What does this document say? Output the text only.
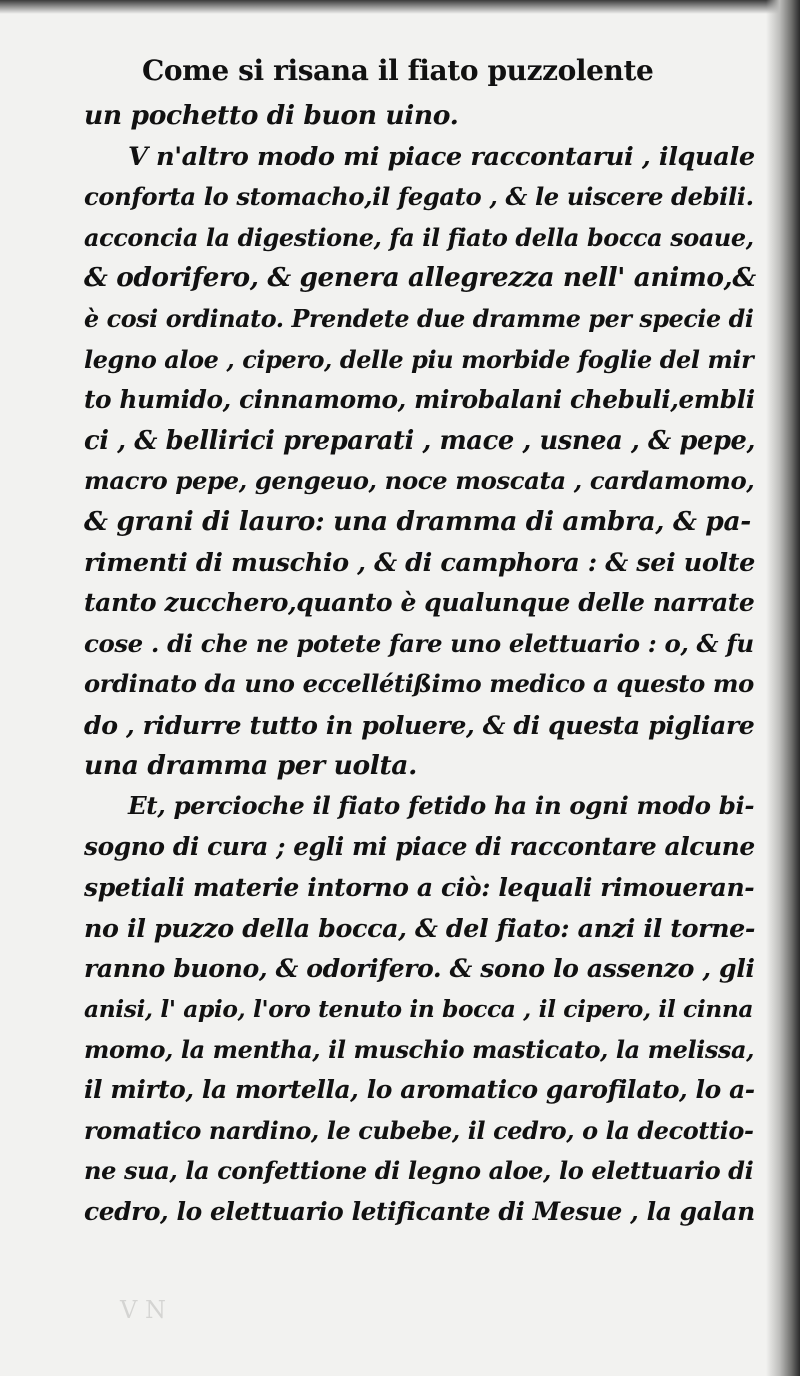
Come si risana il fiato puzzolente
un pochetto di buon uino.
V n'altro modo mi piace raccontarui , ilquale
conforta lo stomacho,il fegato , & le uiscere debili.
acconcia la digestione, fa il fiato della bocca soaue,
& odorifero, & genera allegrezza nell' animo,&
è cosi ordinato. Prendete due dramme per specie di
legno aloe , cipero, delle piu morbide foglie del mir
to humido, cinnamomo, mirobalani chebuli,embli
ci , & bellirici preparati , mace , usnea , & pepe,
macro pepe, gengeuo, noce moscata , cardamomo,
& grani di lauro: una dramma di ambra, & pa-
rimenti di muschio , & di camphora : & sei uolte
tanto zucchero,quanto è qualunque delle narrate
cose . di che ne potete fare uno elettuario : o, & fu
ordinato da uno eccellétißimo medico a questo mo
do , ridurre tutto in poluere, & di questa pigliare
una dramma per uolta.
Et, percioche il fiato fetido ha in ogni modo bi-
sogno di cura ; egli mi piace di raccontare alcune
spetiali materie intorno a ciò: lequali rimoueran-
no il puzzo della bocca, & del fiato: anzi il torne-
ranno buono, & odorifero. & sono lo assenzo , gli
anisi, l' apio, l'oro tenuto in bocca , il cipero, il cinna
momo, la mentha, il muschio masticato, la melissa,
il mirto, la mortella, lo aromatico garofilato, lo a-
romatico nardino, le cubebe, il cedro, o la decottio-
ne sua, la confettione di legno aloe, lo elettuario di
cedro, lo elettuario letificante di Mesue , la galan
V N
